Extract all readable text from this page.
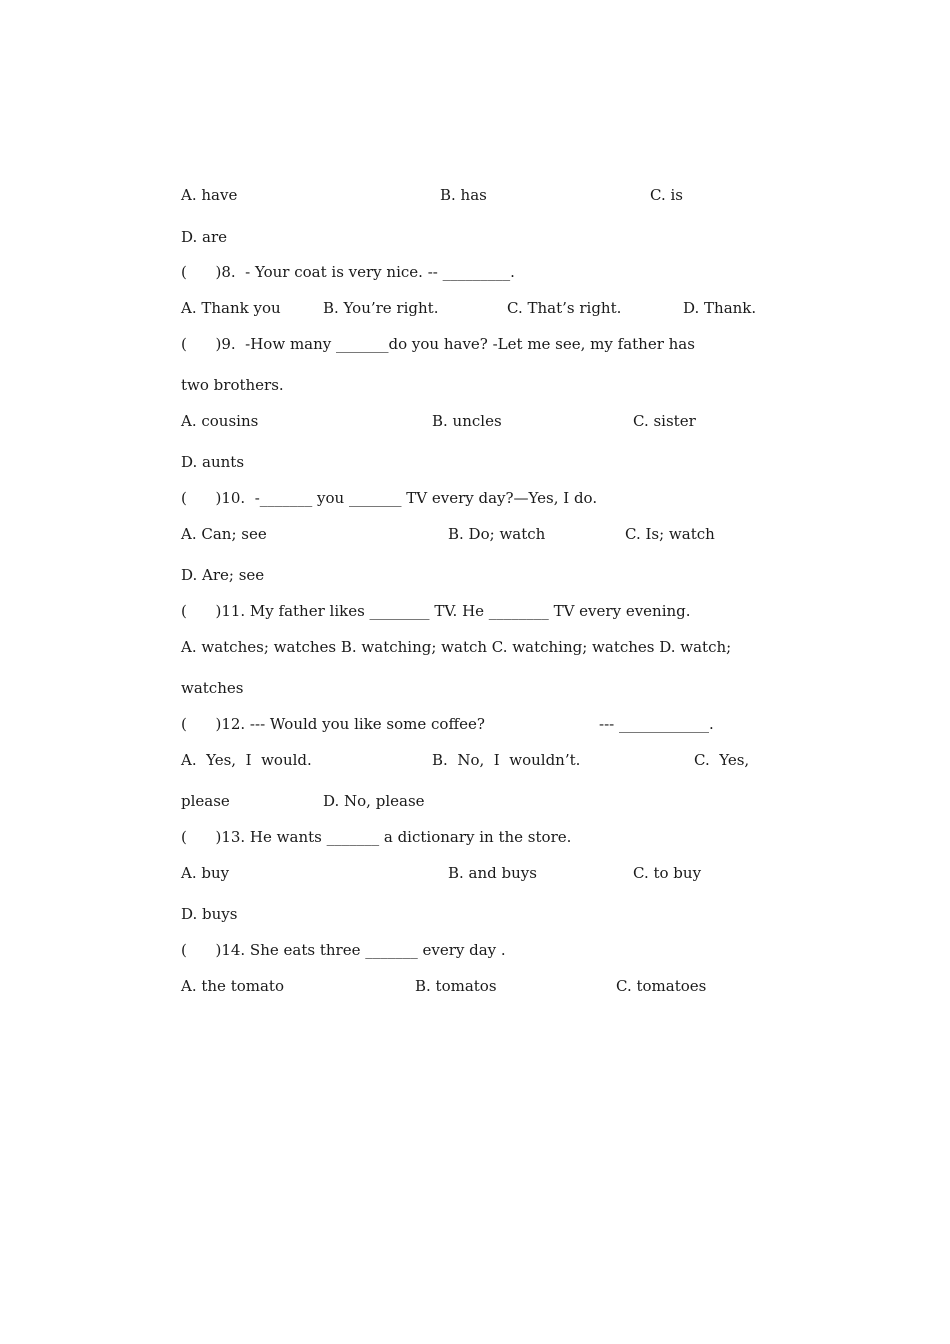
A. have	B. has	C. is
D. are
(      )8.  - Your coat is very nice. -- _________.
A. Thank you	B. You’re right.	C. That’s right.	D. Thank.
(      )9.  -How many _______do you have? -Let me see, my father has
two brothers.
A. cousins	B. uncles	C. sister
D. aunts
(      )10.  -_______ you _______ TV every day?—Yes, I do.
A. Can; see	B. Do; watch	C. Is; watch
D. Are; see
(      )11. My father likes ________ TV. He ________ TV every evening.
A. watches; watches B. watching; watch C. watching; watches D. watch;
watches
(      )12. --- Would you like some coffee?	--- ____________.
A.  Yes,  I  would.	B.  No,  I  wouldn’t.	C.  Yes,
please	D. No, please
(      )13. He wants _______ a dictionary in the store.
A. buy	B. and buys	C. to buy
D. buys
(      )14. She eats three _______ every day .
A. the tomato	B. tomatos	C. tomatoes
